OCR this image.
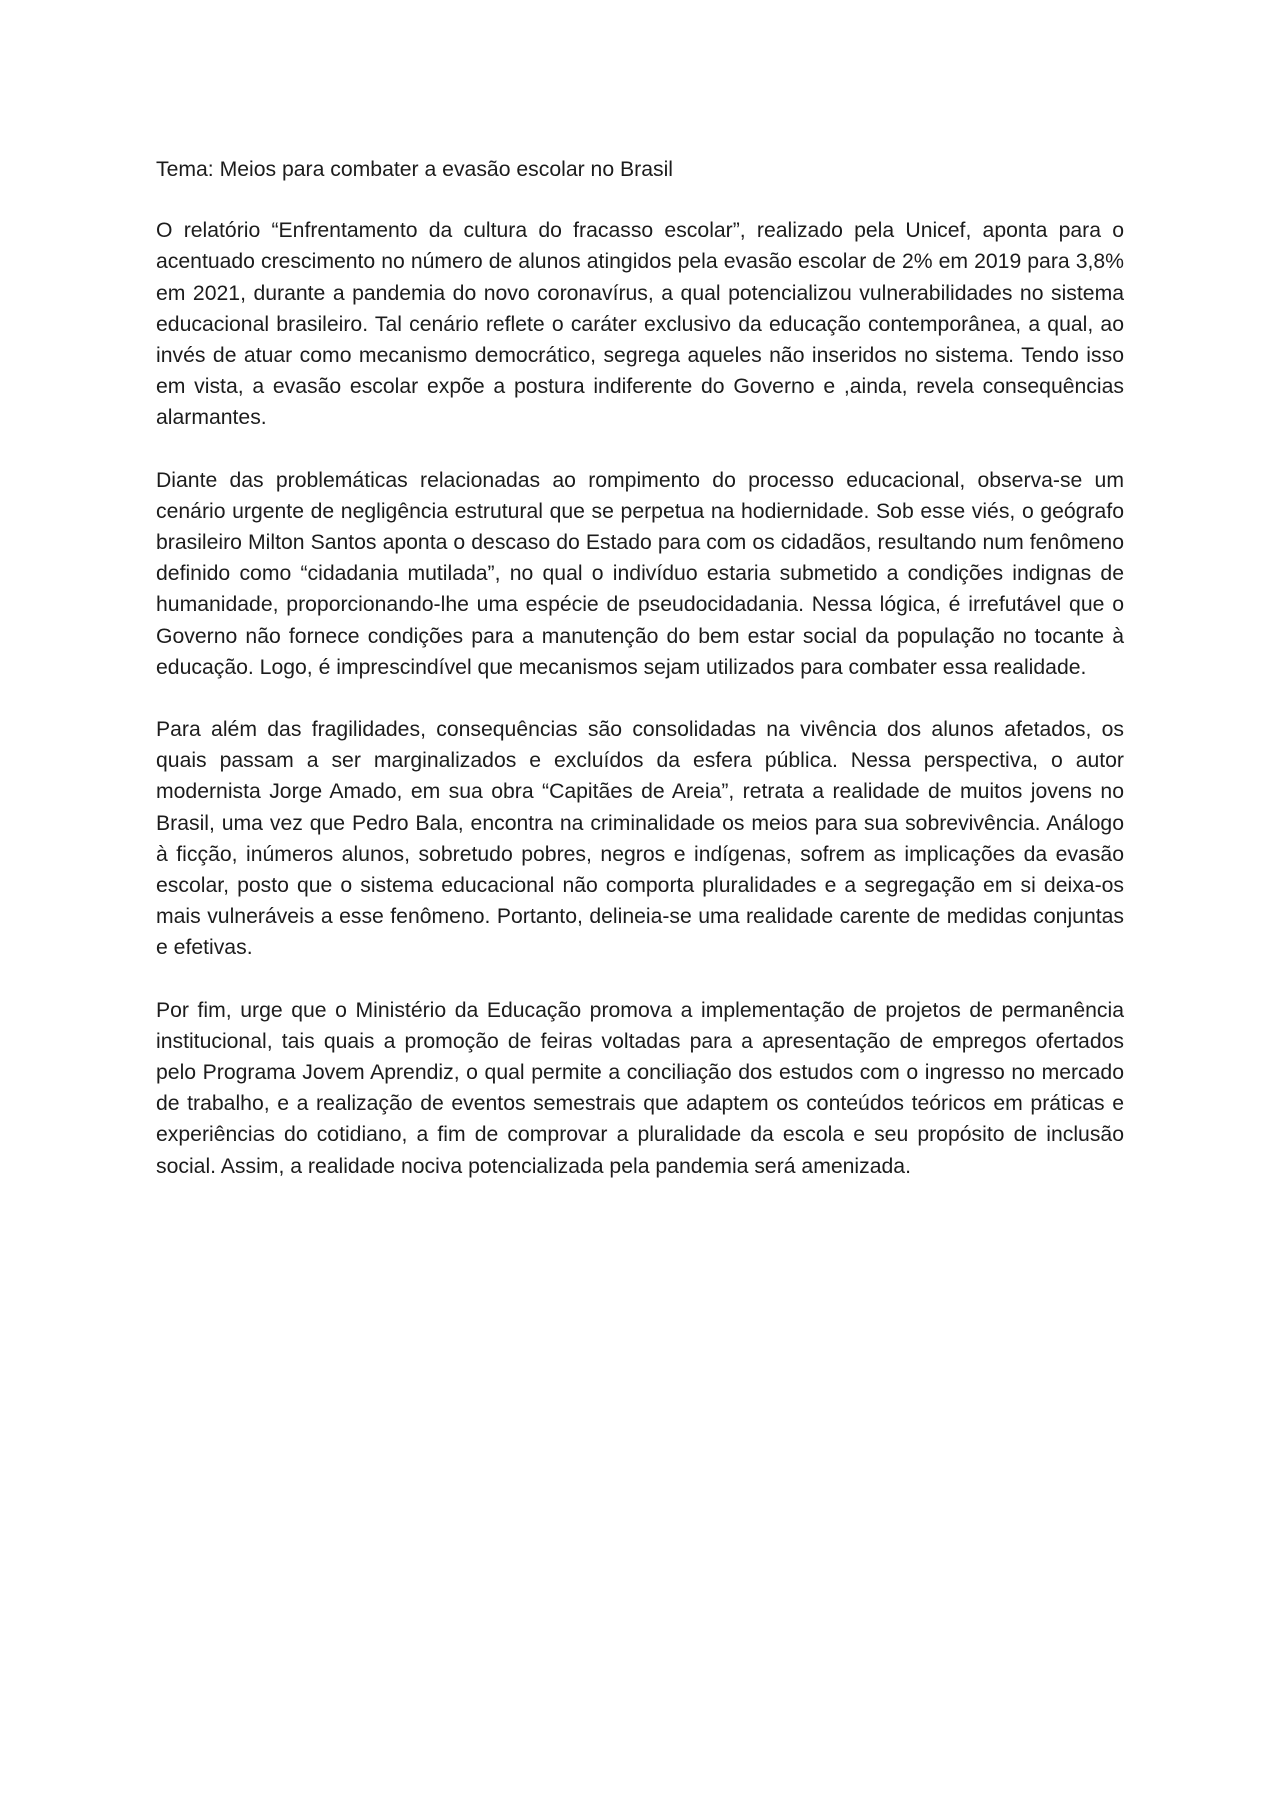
Tema: Meios para combater a evasão escolar no Brasil

O relatório “Enfrentamento da cultura do fracasso escolar”, realizado pela Unicef, aponta para o acentuado crescimento no número de alunos atingidos pela evasão escolar de 2% em 2019 para 3,8% em 2021, durante a pandemia do novo coronavírus, a qual potencializou vulnerabilidades no sistema educacional brasileiro. Tal cenário reflete o caráter exclusivo da educação contemporânea, a qual, ao invés de atuar como mecanismo democrático, segrega aqueles não inseridos no sistema. Tendo isso em vista, a evasão escolar expõe a postura indiferente do Governo e ,ainda, revela consequências alarmantes.

Diante das problemáticas relacionadas ao rompimento do processo educacional, observa-se um cenário urgente de negligência estrutural que se perpetua na hodiernidade. Sob esse viés, o geógrafo brasileiro Milton Santos aponta o descaso do Estado para com os cidadãos, resultando num fenômeno definido como “cidadania mutilada”, no qual o indivíduo estaria submetido a condições indignas de humanidade, proporcionando-lhe uma espécie de pseudocidadania. Nessa lógica, é irrefutável que o Governo não fornece condições para a manutenção do bem estar social da população no tocante à educação. Logo, é imprescindível que mecanismos sejam utilizados para combater essa realidade.

Para além das fragilidades, consequências são consolidadas na vivência dos alunos afetados, os quais passam a ser marginalizados e excluídos da esfera pública. Nessa perspectiva, o autor modernista Jorge Amado, em sua obra “Capitães de Areia”, retrata a realidade de muitos jovens no Brasil, uma vez que Pedro Bala, encontra na criminalidade os meios para sua sobrevivência. Análogo à ficção, inúmeros alunos, sobretudo pobres, negros e indígenas, sofrem as implicações da evasão escolar, posto que o sistema educacional não comporta pluralidades e a segregação em si deixa-os mais vulneráveis a esse fenômeno. Portanto, delineia-se uma realidade carente de medidas conjuntas e efetivas.

Por fim, urge que o Ministério da Educação promova a implementação de projetos de permanência institucional, tais quais a promoção de feiras voltadas para a apresentação de empregos ofertados pelo Programa Jovem Aprendiz, o qual permite a conciliação dos estudos com o ingresso no mercado de trabalho, e a realização de eventos semestrais que adaptem os conteúdos teóricos em práticas e experiências do cotidiano, a fim de comprovar a pluralidade da escola e seu propósito de inclusão social. Assim, a realidade nociva potencializada pela pandemia será amenizada.
